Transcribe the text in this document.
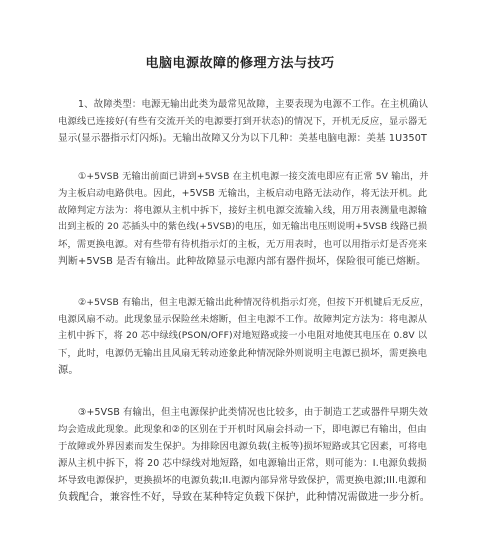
电脑电源故障的修理方法与技巧
1、故障类型：电源无输出此类为最常见故障，主要表现为电源不工作。在主机确认
电源线已连接好(有些有交流开关的电源要打到开状态)的情况下，开机无反应，显示器无
显示(显示器指示灯闪烁)。无输出故障又分为以下几种：美基电脑电源：美基 1U350T
①+5VSB 无输出前面已讲到+5VSB 在主机电源一接交流电即应有正常 5V 输出，并
为主板启动电路供电。因此，+5VSB 无输出，主板启动电路无法动作，将无法开机。此
故障判定方法为：将电源从主机中拆下，接好主机电源交流输入线，用万用表测量电源输
出到主板的 20 芯插头中的紫色线(+5VSB)的电压，如无输出电压则说明+5VSB 线路已损
坏，需更换电源。对有些带有待机指示灯的主板，无万用表时，也可以用指示灯是否亮来
判断+5VSB 是否有输出。此种故障显示电源内部有器件损坏，保险很可能已熔断。
②+5VSB 有输出，但主电源无输出此种情况待机指示灯亮，但按下开机键后无反应，
电源风扇不动。此现象显示保险丝未熔断，但主电源不工作。故障判定方法为：将电源从
主机中拆下，将 20 芯中绿线(PSON/OFF)对地短路或接一小电阻对地使其电压在 0.8V 以
下，此时，电源仍无输出且风扇无转动迹象此种情况除外则说明主电源已损坏，需更换电
源。
③+5VSB 有输出，但主电源保护此类情况也比较多，由于制造工艺或器件早期失效
均会造成此现象。此现象和②的区别在于开机时风扇会抖动一下，即电源已有输出，但由
于故障或外界因素而发生保护。为排除因电源负载(主板等)损坏短路或其它因素，可将电
源从主机中拆下，将 20 芯中绿线对地短路，如电源输出正常，则可能为：I.电源负载损
坏导致电源保护，更换损坏的电源负载;II.电源内部异常导致保护，需更换电源;III.电源和
负载配合，兼容性不好，导致在某种特定负载下保护，此种情况需做进一步分析。
